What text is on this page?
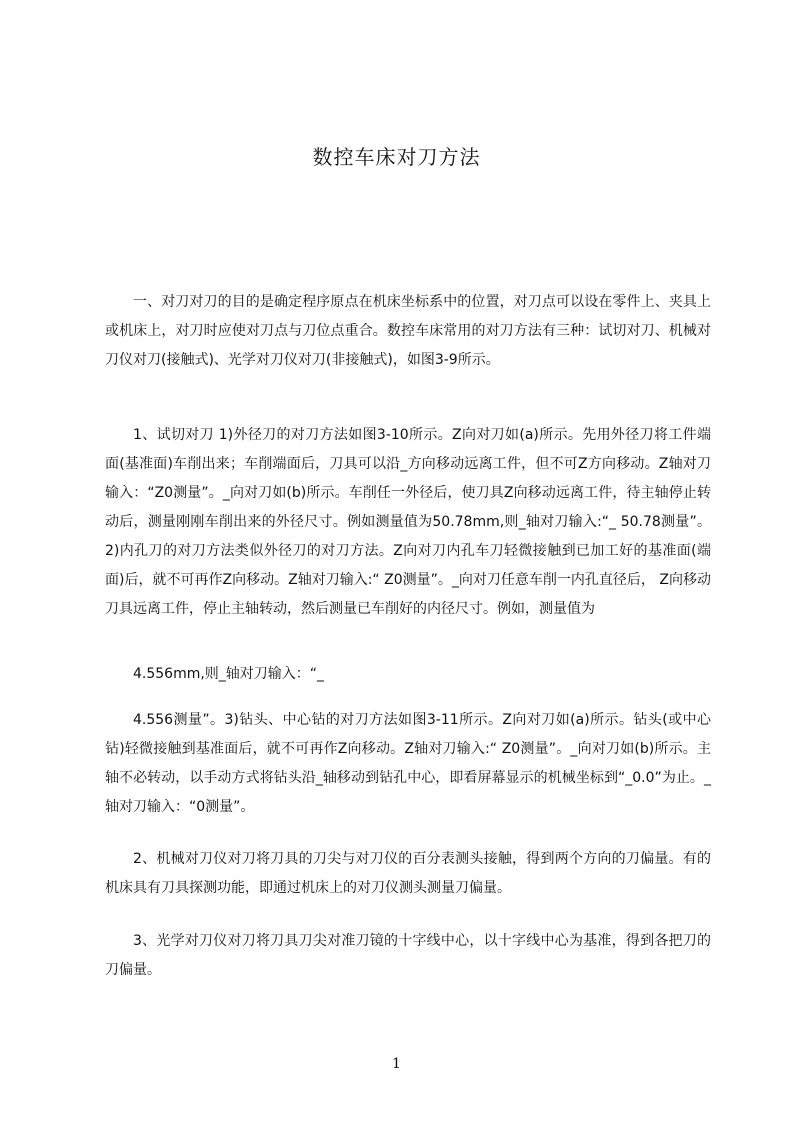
数控车床对刀方法

一、对刀对刀的目的是确定程序原点在机床坐标系中的位置，对刀点可以设在零件上、夹具上或机床上，对刀时应使对刀点与刀位点重合。数控车床常用的对刀方法有三种：试切对刀、机械对刀仪对刀(接触式)、光学对刀仪对刀(非接触式)，如图3-9所示。

1、试切对刀 1)外径刀的对刀方法如图3-10所示。Z向对刀如(a)所示。先用外径刀将工件端面(基准面)车削出来；车削端面后，刀具可以沿_方向移动远离工件，但不可Z方向移动。Z轴对刀输入：“Z0测量”。_向对刀如(b)所示。车削任一外径后，使刀具Z向移动远离工件，待主轴停止转动后，测量刚刚车削出来的外径尺寸。例如测量值为50.78mm,则_轴对刀输入:“_ 50.78测量”。 2)内孔刀的对刀方法类似外径刀的对刀方法。Z向对刀内孔车刀轻微接触到已加工好的基准面(端面)后，就不可再作Z向移动。Z轴对刀输入:“ Z0测量”。_向对刀任意车削一内孔直径后， Z向移动刀具远离工件，停止主轴转动，然后测量已车削好的内径尺寸。例如，测量值为

4.556mm,则_轴对刀输入：“_

4.556测量”。3)钻头、中心钻的对刀方法如图3-11所示。Z向对刀如(a)所示。钻头(或中心钻)轻微接触到基准面后，就不可再作Z向移动。Z轴对刀输入:“ Z0测量”。_向对刀如(b)所示。主轴不必转动，以手动方式将钻头沿_轴移动到钻孔中心，即看屏幕显示的机械坐标到“_0.0”为止。_轴对刀输入：“0测量”。

2、机械对刀仪对刀将刀具的刀尖与对刀仪的百分表测头接触，得到两个方向的刀偏量。有的机床具有刀具探测功能，即通过机床上的对刀仪测头测量刀偏量。

3、光学对刀仪对刀将刀具刀尖对准刀镜的十字线中心，以十字线中心为基准，得到各把刀的刀偏量。

1
